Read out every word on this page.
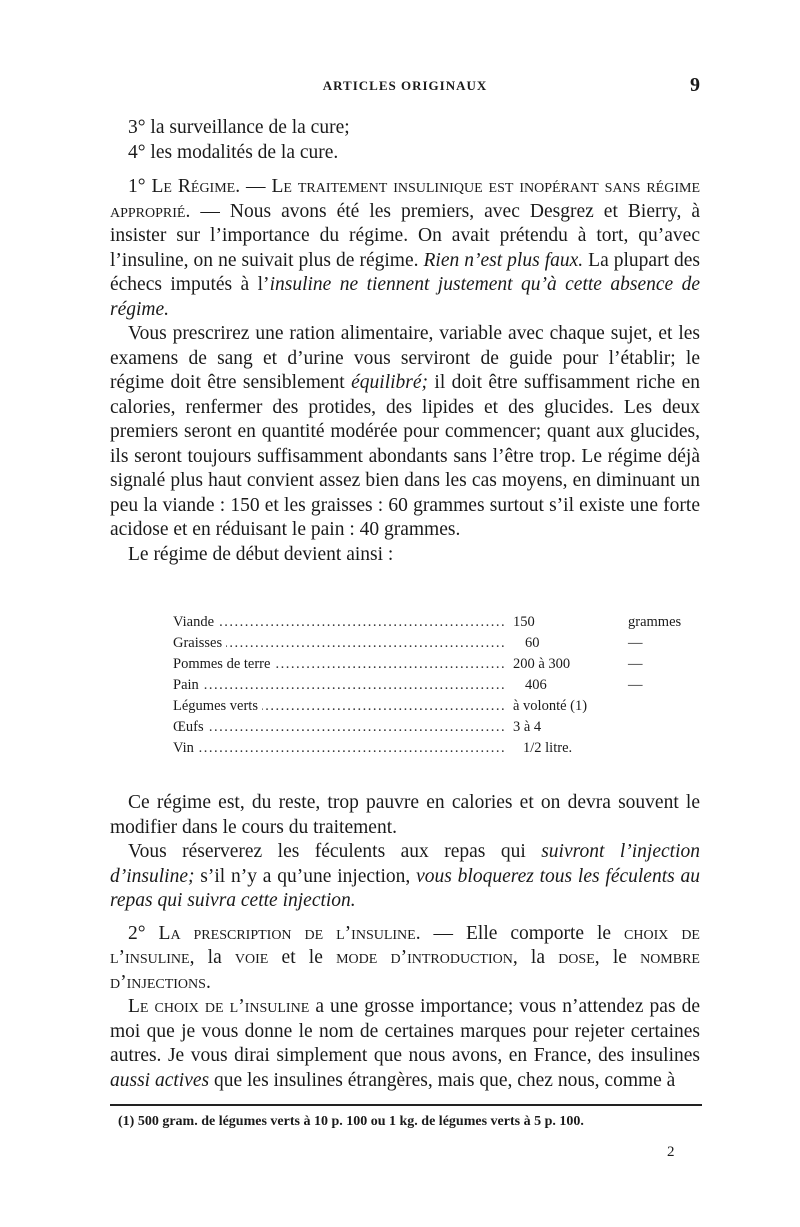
ARTICLES ORIGINAUX	9

3° la surveillance de la cure;

4° les modalités de la cure.

1° Le Régime. — Le traitement insulinique est inopérant sans régime approprié. — Nous avons été les premiers, avec Desgrez et Bierry, à insister sur l’importance du régime. On avait prétendu à tort, qu’avec l’insuline, on ne suivait plus de régime. Rien n’est plus faux. La plupart des échecs imputés à l’insuline ne tiennent justement qu’à cette absence de régime.

Vous prescrirez une ration alimentaire, variable avec chaque sujet, et les examens de sang et d’urine vous serviront de guide pour l’établir; le régime doit être sensiblement équilibré; il doit être suffisamment riche en calories, renfermer des protides, des lipides et des glucides. Les deux premiers seront en quantité modérée pour commencer; quant aux glucides, ils seront toujours suffisamment abondants sans l’être trop. Le régime déjà signalé plus haut convient assez bien dans les cas moyens, en diminuant un peu la viande : 150 et les graisses : 60 grammes surtout s’il existe une forte acidose et en réduisant le pain : 40 grammes.

Le régime de début devient ainsi :

.....
Viande	150	grammes
.....
Graisses	60	—
.....
Pommes de terre	200 à 300	—
.....
Pain	406	—
.....
Légumes verts	à volonté (1)
.....
Œufs	3 à 4
.....
Vin	1/2 litre.

Ce régime est, du reste, trop pauvre en calories et on devra souvent le modifier dans le cours du traitement.

Vous réserverez les féculents aux repas qui suivront l’injection d’insuline; s’il n’y a qu’une injection, vous bloquerez tous les féculents au repas qui suivra cette injection.

2° La prescription de l’insuline. — Elle comporte le choix de l’insuline, la voie et le mode d’introduction, la dose, le nombre d’injections.

Le choix de l’insuline a une grosse importance; vous n’attendez pas de moi que je vous donne le nom de certaines marques pour rejeter certaines autres. Je vous dirai simplement que nous avons, en France, des insulines aussi actives que les insulines étrangères, mais que, chez nous, comme à

(1) 500 gram. de légumes verts à 10 p. 100 ou 1 kg. de légumes verts à 5 p. 100.
2
